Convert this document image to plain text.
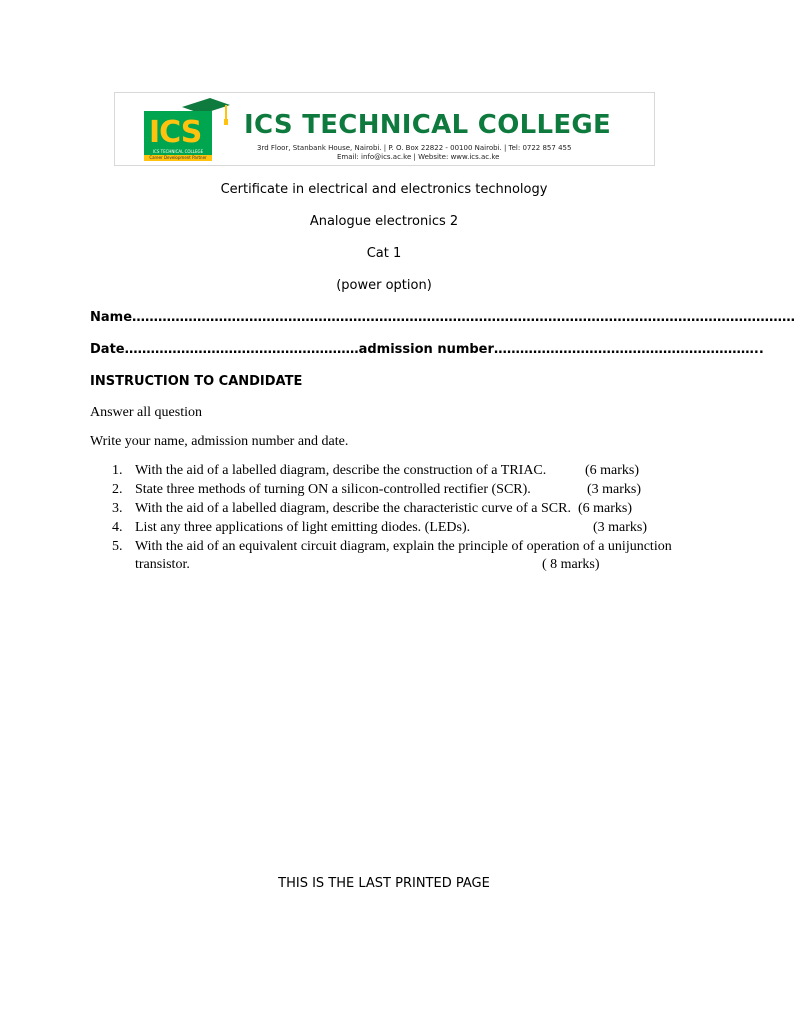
ICS
ICS TECHNICAL COLLEGE
Career Development Partner
ICS TECHNICAL COLLEGE
3rd Floor, Stanbank House, Nairobi. | P. O. Box 22822 - 00100 Nairobi. | Tel: 0722 857 455
Email: info@ics.ac.ke | Website: www.ics.ac.ke
Certificate in electrical and electronics technology
Analogue electronics 2
Cat 1
(power option)
Name………………………………………………………………………………………………………………………………………
Date………………………………………………admission number……………………………………………………..
INSTRUCTION TO CANDIDATE
Answer all question
Write your name, admission number and date.
1. With the aid of a labelled diagram, describe the construction of a TRIAC.	(6 marks)
2. State three methods of turning ON a silicon-controlled rectifier (SCR).	(3 marks)
3. With the aid of a labelled diagram, describe the characteristic curve of a SCR. (6 marks)
4. List any three applications of light emitting diodes. (LEDs).	(3 marks)
5. With the aid of an equivalent circuit diagram, explain the principle of operation of a unijunction
transistor.	( 8 marks)
THIS IS THE LAST PRINTED PAGE
